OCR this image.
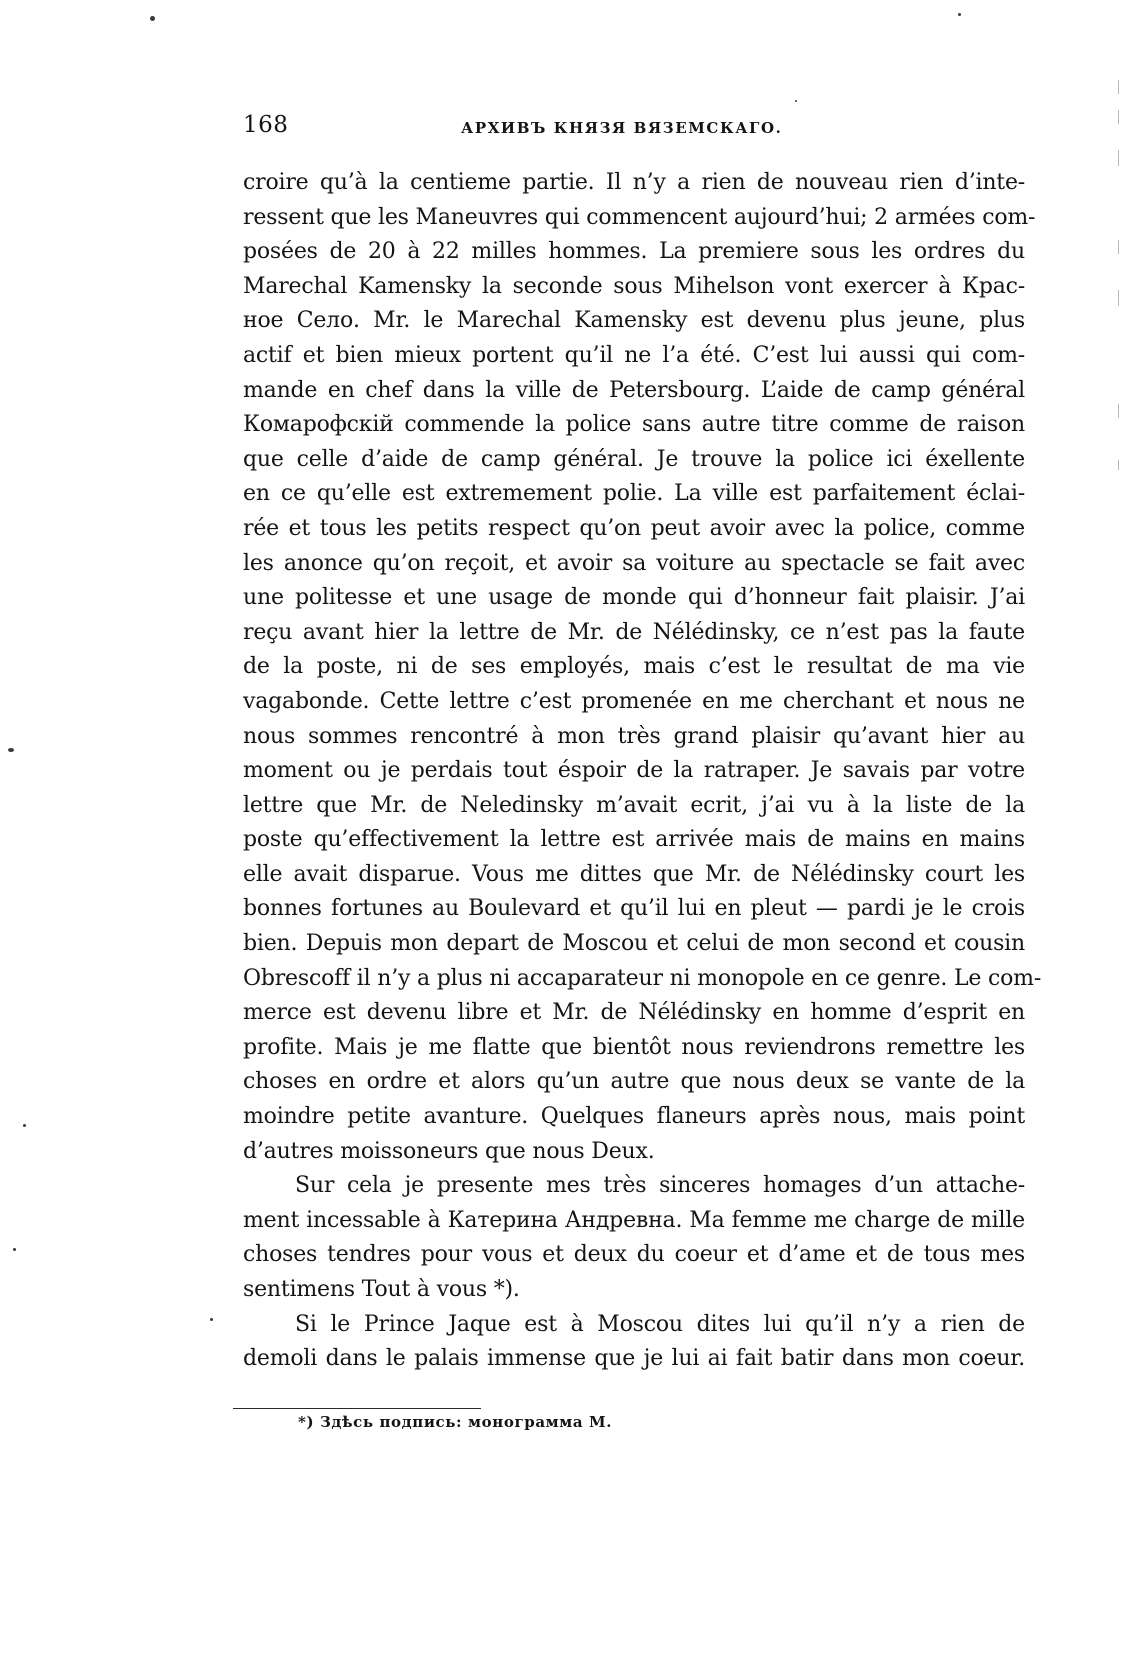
168	АРХИВЪ КНЯЗЯ ВЯЗЕМСКАГО.
croire qu’à la centieme partie. Il n’y a rien de nouveau rien d’inte-
ressent que les Maneuvres qui commencent aujourd’hui; 2 armées com-
posées de 20 à 22 milles hommes. La premiere sous les ordres du
Marechal Kamensky la seconde sous Mihelson vont exercer à Крас-
ное Село. Mr. le Marechal Kamensky est devenu plus jeune, plus
actif et bien mieux portent qu’il ne l’a été. C’est lui aussi qui com-
mande en chef dans la ville de Petersbourg. L’aide de camp général
Комарофскій commende la police sans autre titre comme de raison
que celle d’aide de camp général. Je trouve la police ici éxellente
en ce qu’elle est extremement polie. La ville est parfaitement éclai-
rée et tous les petits respect qu’on peut avoir avec la police, comme
les anonce qu’on reçoit, et avoir sa voiture au spectacle se fait avec
une politesse et une usage de monde qui d’honneur fait plaisir. J’ai
reçu avant hier la lettre de Mr. de Nélédinsky, ce n’est pas la faute
de la poste, ni de ses employés, mais c’est le resultat de ma vie
vagabonde. Cette lettre c’est promenée en me cherchant et nous ne
nous sommes rencontré à mon très grand plaisir qu’avant hier au
moment ou je perdais tout éspoir de la ratraper. Je savais par votre
lettre que Mr. de Neledinsky m’avait ecrit, j’ai vu à la liste de la
poste qu’effectivement la lettre est arrivée mais de mains en mains
elle avait disparue. Vous me dittes que Mr. de Nélédinsky court les
bonnes fortunes au Boulevard et qu’il lui en pleut — pardi je le crois
bien. Depuis mon depart de Moscou et celui de mon second et cousin
Obrescoff il n’y a plus ni accaparateur ni monopole en ce genre. Le com-
merce est devenu libre et Mr. de Nélédinsky en homme d’esprit en
profite. Mais je me flatte que bientôt nous reviendrons remettre les
choses en ordre et alors qu’un autre que nous deux se vante de la
moindre petite avanture. Quelques flaneurs après nous, mais point
d’autres moissoneurs que nous Deux.
Sur cela je presente mes très sinceres homages d’un attache-
ment incessable à Катерина Андревна. Ma femme me charge de mille
choses tendres pour vous et deux du coeur et d’ame et de tous mes
sentimens Tout à vous *).
Si le Prince Jaque est à Moscou dites lui qu’il n’y a rien de
demoli dans le palais immense que je lui ai fait batir dans mon coeur.
*) Здѣсь подпись: монограмма М.
